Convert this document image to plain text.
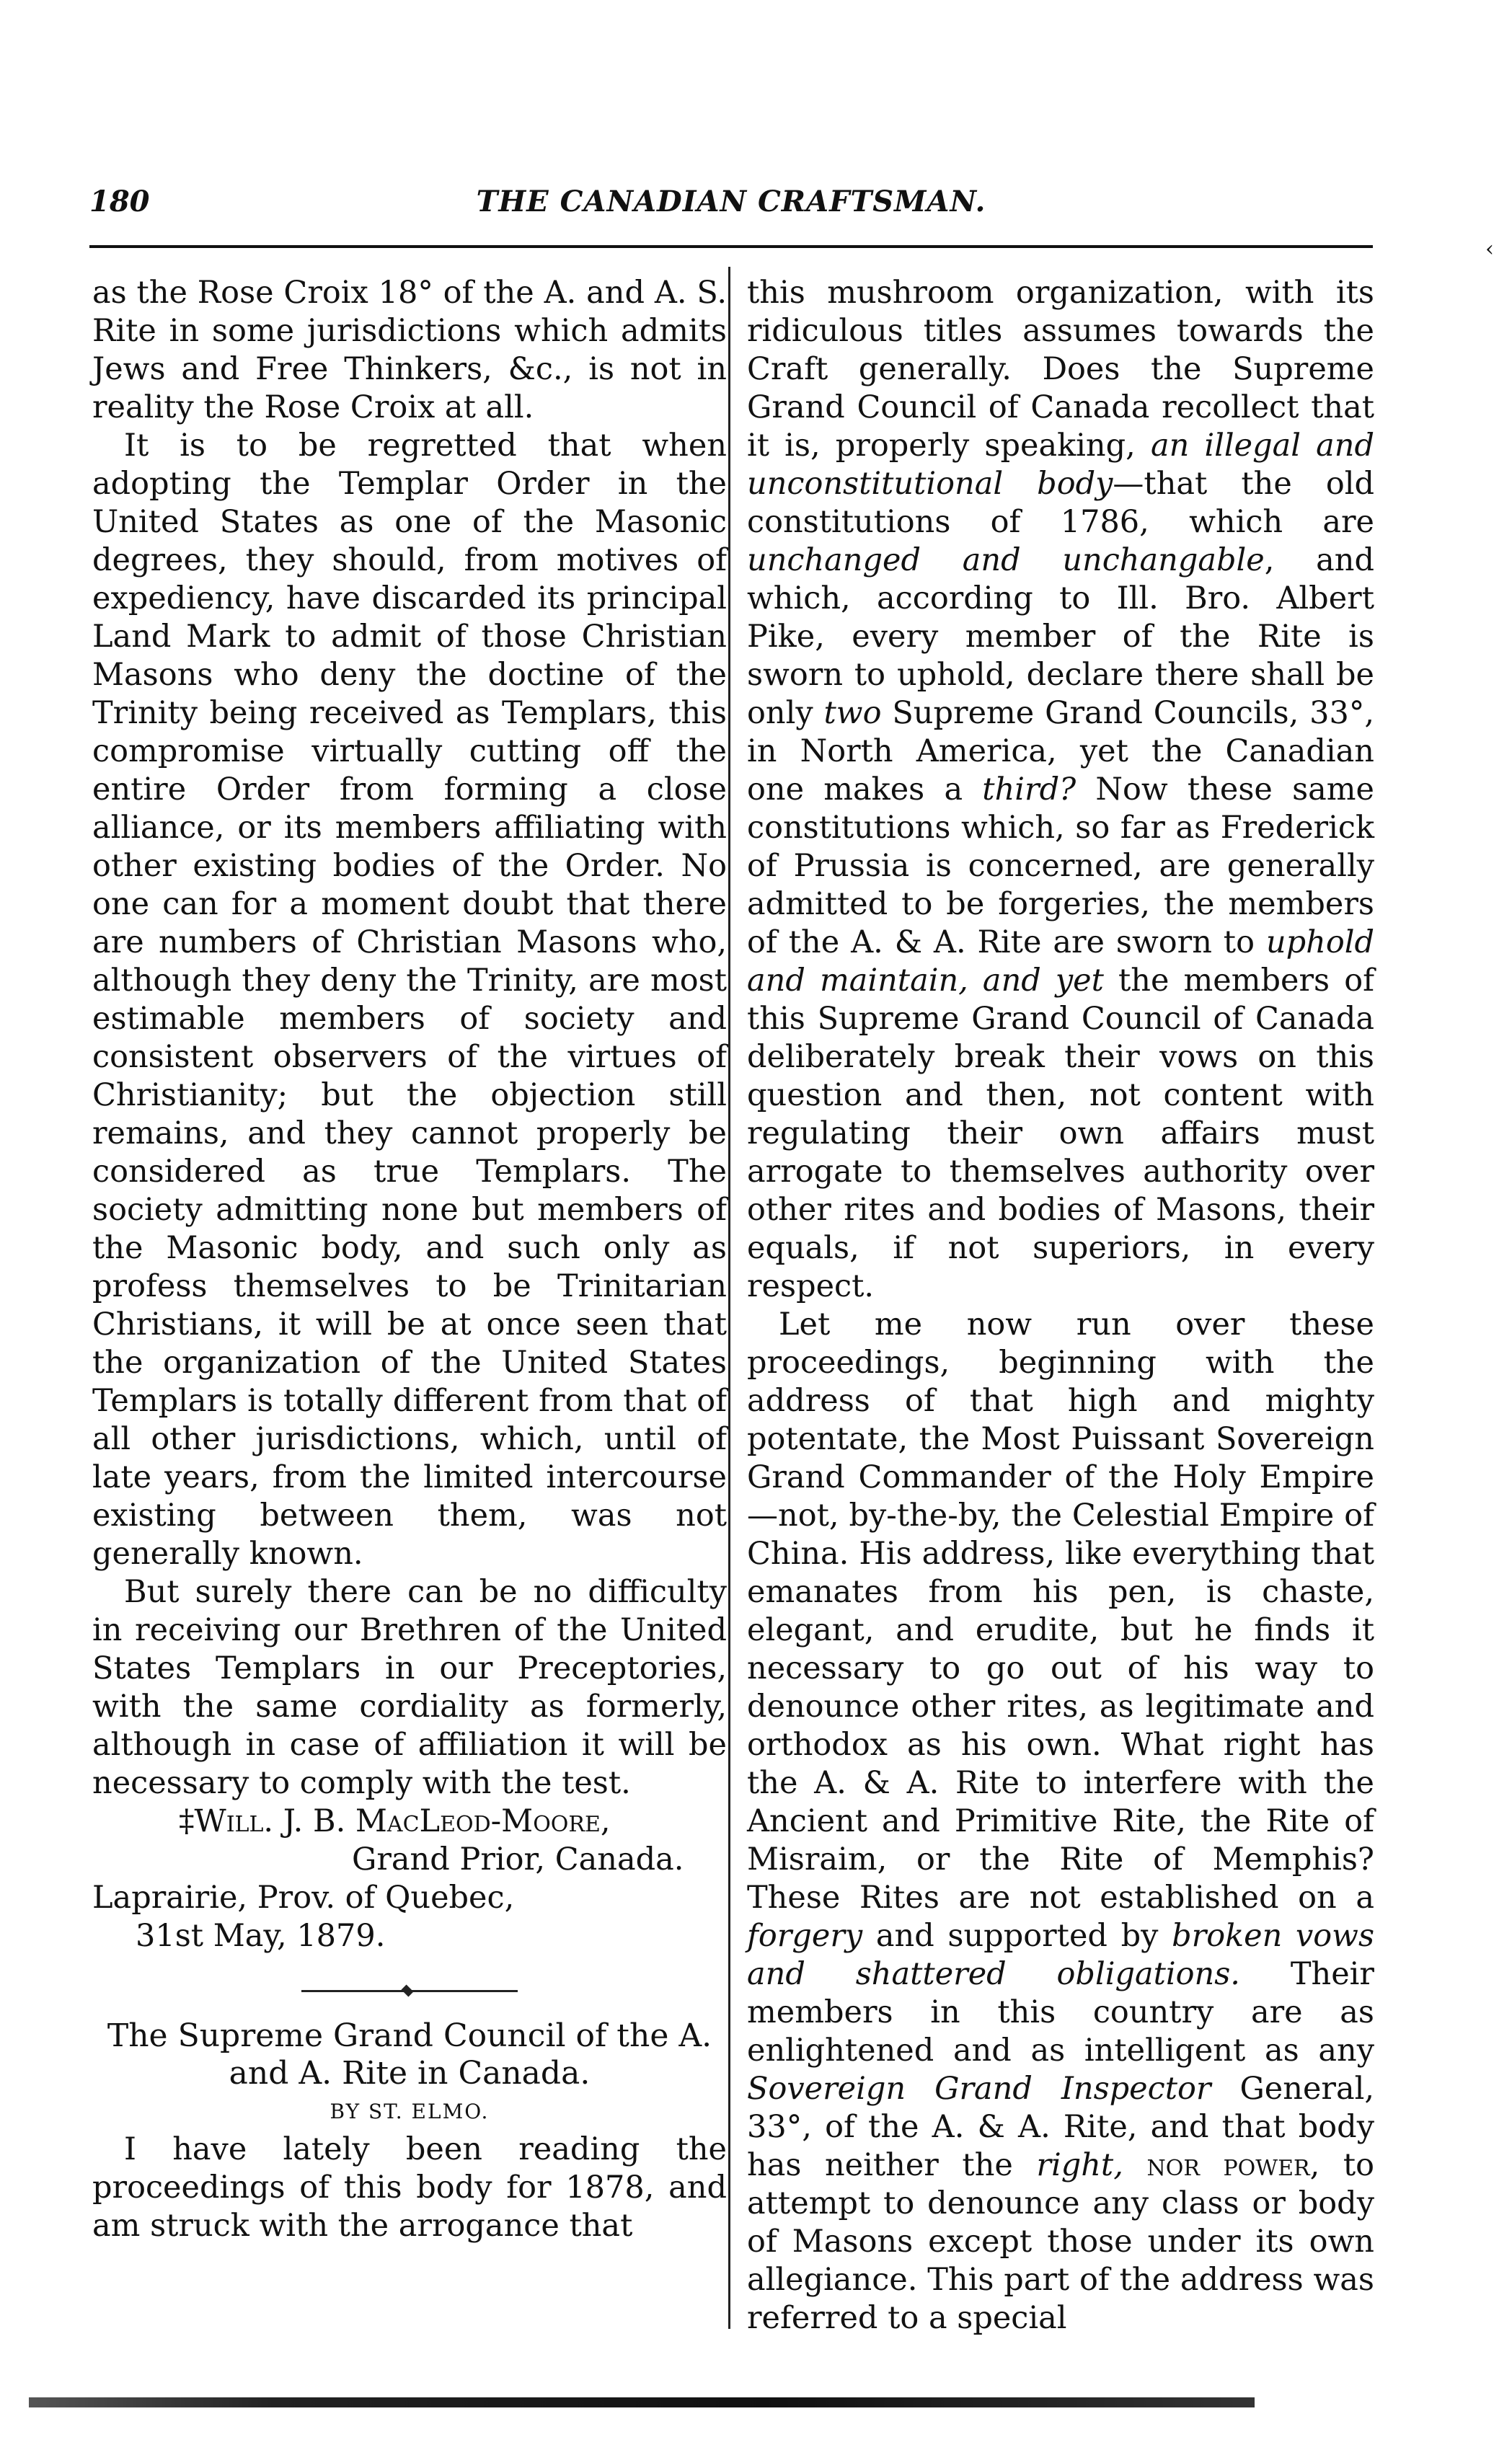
180	THE CANADIAN CRAFTSMAN.
‹

as the Rose Croix 18° of the A. and A. S. Rite in some jurisdictions which admits Jews and Free Thinkers, &c., is not in reality the Rose Croix at all.

It is to be regretted that when adopting the Templar Order in the United States as one of the Masonic degrees, they should, from motives of expediency, have discarded its principal Land Mark to admit of those Christian Masons who deny the doctine of the Trinity being received as Templars, this compromise virtually cutting off the entire Order from forming a close alliance, or its members affiliating with other existing bodies of the Order. No one can for a moment doubt that there are numbers of Christian Masons who, although they deny the Trinity, are most estimable members of society and consistent observers of the virtues of Christianity; but the objection still remains, and they cannot properly be considered as true Templars. The society admitting none but members of the Masonic body, and such only as profess themselves to be Trinitarian Christians, it will be at once seen that the organization of the United States Templars is totally different from that of all other jurisdictions, which, until of late years, from the limited intercourse existing between them, was not generally known.

But surely there can be no difficulty in receiving our Brethren of the United States Templars in our Preceptories, with the same cordiality as formerly, although in case of affiliation it will be necessary to comply with the test.

‡Will. J. B. MacLeod-Moore,

Grand Prior, Canada.

Laprairie, Prov. of Quebec,

31st May, 1879.

The Supreme Grand Council of the A. and A. Rite in Canada.

BY ST. ELMO.

I have lately been reading the proceedings of this body for 1878, and am struck with the arrogance that

this mushroom organization, with its ridiculous titles assumes towards the Craft generally. Does the Supreme Grand Council of Canada recollect that it is, properly speaking, an illegal and unconstitutional body—that the old constitutions of 1786, which are unchanged and unchangable, and which, according to Ill. Bro. Albert Pike, every member of the Rite is sworn to uphold, declare there shall be only two Supreme Grand Councils, 33°, in North America, yet the Canadian one makes a third? Now these same constitutions which, so far as Frederick of Prussia is concerned, are generally admitted to be forgeries, the members of the A. & A. Rite are sworn to uphold and maintain, and yet the members of this Supreme Grand Council of Canada deliberately break their vows on this question and then, not content with regulating their own affairs must arrogate to themselves authority over other rites and bodies of Masons, their equals, if not superiors, in every respect.

Let me now run over these proceedings, beginning with the address of that high and mighty potentate, the Most Puissant Sovereign Grand Commander of the Holy Empire—not, by-the-by, the Celestial Empire of China. His address, like everything that emanates from his pen, is chaste, elegant, and erudite, but he finds it necessary to go out of his way to denounce other rites, as legitimate and orthodox as his own. What right has the A. & A. Rite to interfere with the Ancient and Primitive Rite, the Rite of Misraim, or the Rite of Memphis? These Rites are not established on a forgery and supported by broken vows and shattered obligations. Their members in this country are as enlightened and as intelligent as any Sovereign Grand Inspector General, 33°, of the A. & A. Rite, and that body has neither the right, nor power, to attempt to denounce any class or body of Masons except those under its own allegiance. This part of the address was referred to a special
